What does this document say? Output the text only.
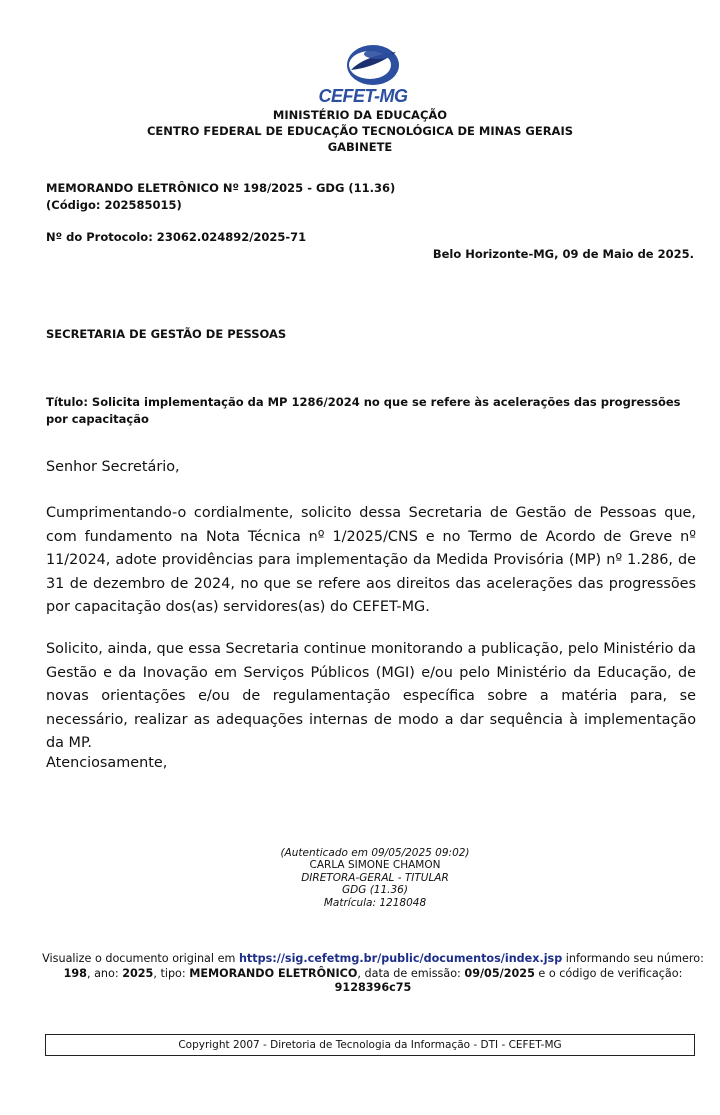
CEFET-MG
MINISTÉRIO DA EDUCAÇÃO
CENTRO FEDERAL DE EDUCAÇÃO TECNOLÓGICA DE MINAS GERAIS
GABINETE
MEMORANDO ELETRÔNICO Nº 198/2025 - GDG (11.36)
(Código: 202585015)
Nº do Protocolo: 23062.024892/2025-71
Belo Horizonte-MG, 09 de Maio de 2025.
SECRETARIA DE GESTÃO DE PESSOAS
Título: Solicita implementação da MP 1286/2024 no que se refere às acelerações das progressões
por capacitação
Senhor Secretário,
Cumprimentando-o cordialmente, solicito dessa Secretaria de Gestão de Pessoas que, com fundamento na Nota Técnica nº 1/2025/CNS e no Termo de Acordo de Greve nº 11/2024, adote providências para implementação da Medida Provisória (MP) nº 1.286, de 31 de dezembro de 2024, no que se refere aos direitos das acelerações das progressões por capacitação dos(as) servidores(as) do CEFET-MG.
Solicito, ainda, que essa Secretaria continue monitorando a publicação, pelo Ministério da Gestão e da Inovação em Serviços Públicos (MGI) e/ou pelo Ministério da Educação, de novas orientações e/ou de regulamentação específica sobre a matéria para, se necessário, realizar as adequações internas de modo a dar sequência à implementação da MP.
Atenciosamente,
(Autenticado em 09/05/2025 09:02)
CARLA SIMONE CHAMON
DIRETORA-GERAL - TITULAR
GDG (11.36)
Matrícula: 1218048
Visualize o documento original em https://sig.cefetmg.br/public/documentos/index.jsp informando seu número: 198, ano: 2025, tipo: MEMORANDO ELETRÔNICO, data de emissão: 09/05/2025 e o código de verificação: 9128396c75
Copyright 2007 - Diretoria de Tecnologia da Informação - DTI - CEFET-MG
